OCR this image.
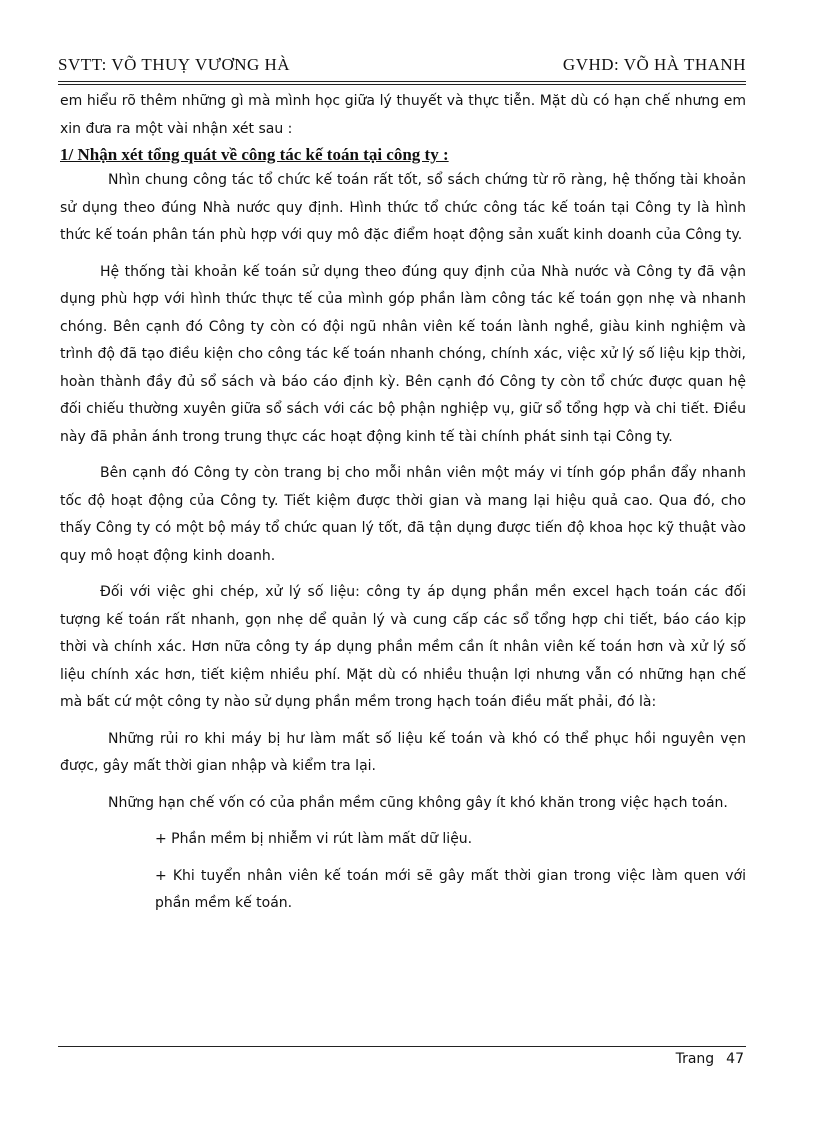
SVTT: VÕ THUỴ VƯƠNG HÀ	GVHD: VÕ HÀ THANH

em hiểu rõ thêm những gì mà mình học giữa lý thuyết và thực tiễn. Mặt dù có hạn chế nhưng em xin đưa ra một vài nhận xét sau :

1/ Nhận xét tổng quát về công tác kế toán tại công ty :

Nhìn chung công tác tổ chức kế toán rất tốt, sổ sách chứng từ rõ ràng, hệ thống tài khoản sử dụng theo đúng Nhà nước quy định. Hình thức tổ chức công tác kế toán tại Công ty là hình thức kế toán phân tán phù hợp với quy mô đặc điểm hoạt động sản xuất kinh doanh của Công ty.

Hệ thống tài khoản kế toán sử dụng theo đúng quy định của Nhà nước và Công ty đã vận dụng phù hợp với hình thức thực tế của mình góp phần làm công tác kế toán gọn nhẹ và nhanh chóng. Bên cạnh đó Công ty còn có đội ngũ nhân viên kế toán lành nghề, giàu kinh nghiệm và trình độ đã tạo điều kiện cho công tác kế toán nhanh chóng, chính xác, việc xử lý số liệu kịp thời, hoàn thành đầy đủ sổ sách và báo cáo định kỳ. Bên cạnh đó Công ty còn tổ chức được quan hệ đối chiếu thường xuyên giữa sổ sách với các bộ phận nghiệp vụ, giữ sổ tổng hợp và chi tiết. Điều này đã phản ánh trong trung thực các hoạt động kinh tế tài chính phát sinh tại Công ty.

Bên cạnh đó Công ty còn trang bị cho mỗi nhân viên một máy vi tính góp phần đẩy nhanh tốc độ hoạt động của Công ty. Tiết kiệm được thời gian và mang lại hiệu quả cao. Qua đó, cho thấy Công ty có một bộ máy tổ chức quan lý tốt, đã tận dụng được tiến độ khoa học kỹ thuật vào quy mô hoạt động kinh doanh.

Đối với việc ghi chép, xử lý số liệu: công ty áp dụng phần mền excel hạch toán các đối tượng kế toán rất nhanh, gọn nhẹ dể quản lý và cung cấp các sổ tổng hợp chi tiết, báo cáo kịp thời và chính xác. Hơn nữa công ty áp dụng phần mềm cần ít nhân viên kế toán hơn và xử lý số liệu chính xác hơn, tiết kiệm nhiều phí. Mặt dù có nhiều thuận lợi nhưng vẫn có những hạn chế mà bất cứ một công ty nào sử dụng phần mềm trong hạch toán điều mất phải, đó là:

Những rủi ro khi máy bị hư làm mất số liệu kế toán và khó có thể phục hồi nguyên vẹn được, gây mất thời gian nhập và kiểm tra lại.

Những hạn chế vốn có của phần mềm cũng không gây ít khó khăn trong việc hạch toán.

+ Phần mềm bị nhiễm vi rút làm mất dữ liệu.

+ Khi tuyển nhân viên kế toán mới sẽ gây mất thời gian trong việc làm quen với phần mềm kế toán.

Trang 47
